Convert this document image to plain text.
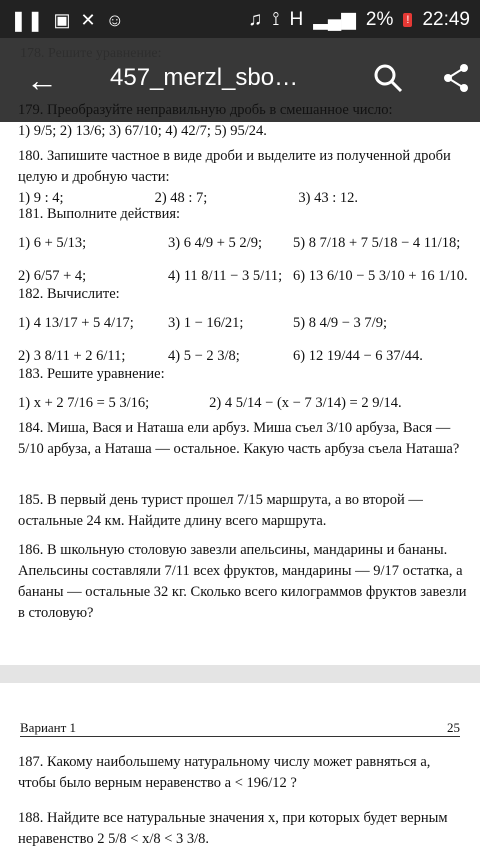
❚❚ ▣ ✕ ☺	♫ ⟟ H ▂▄▆ 2% ! 22:49
← 457_merzl_sbo…
179. Преобразуйте неправильную дробь в смешанное число:
1) 9/5; 2) 13/6; 3) 67/10; 4) 42/7; 5) 95/24.
180. Запишите частное в виде дроби и выделите из полученной дроби целую и дробную части:
1) 9 : 4;	2) 48 : 7;	3) 43 : 12.
181. Выполните действия:
1) 6 + 5/13;	3) 6 4/9 + 5 2/9;	5) 8 7/18 + 7 5/18 − 4 11/18;
2) 6/57 + 4;	4) 11 8/11 − 3 5/11; 6) 13 6/10 − 5 3/10 + 16 1/10.
182. Вычислите:
1) 4 13/17 + 5 4/17;	3) 1 − 16/21;	5) 8 4/9 − 3 7/9;
2) 3 8/11 + 2 6/11;	4) 5 − 2 3/8;	6) 12 19/44 − 6 37/44.
183. Решите уравнение:
1) x + 2 7/16 = 5 3/16;	2) 4 5/14 − (x − 7 3/14) = 2 9/14.
184. Миша, Вася и Наташа ели арбуз. Миша съел 3/10 арбуза, Вася — 5/10 арбуза, а Наташа — остальное. Какую часть арбуза съела Наташа?
185. В первый день турист прошел 7/15 маршрута, а во второй — остальные 24 км. Найдите длину всего маршрута.
186. В школьную столовую завезли апельсины, мандарины и бананы. Апельсины составляли 7/11 всех фруктов, мандарины — 9/17 остатка, а бананы — остальные 32 кг. Сколько всего килограммов фруктов завезли в столовую?
Вариант 1	25
187. Какому наибольшему натуральному числу может равняться a, чтобы было верным неравенство a < 196/12 ?
188. Найдите все натуральные значения x, при которых будет верным неравенство 2 5/8 < x/8 < 3 3/8.
